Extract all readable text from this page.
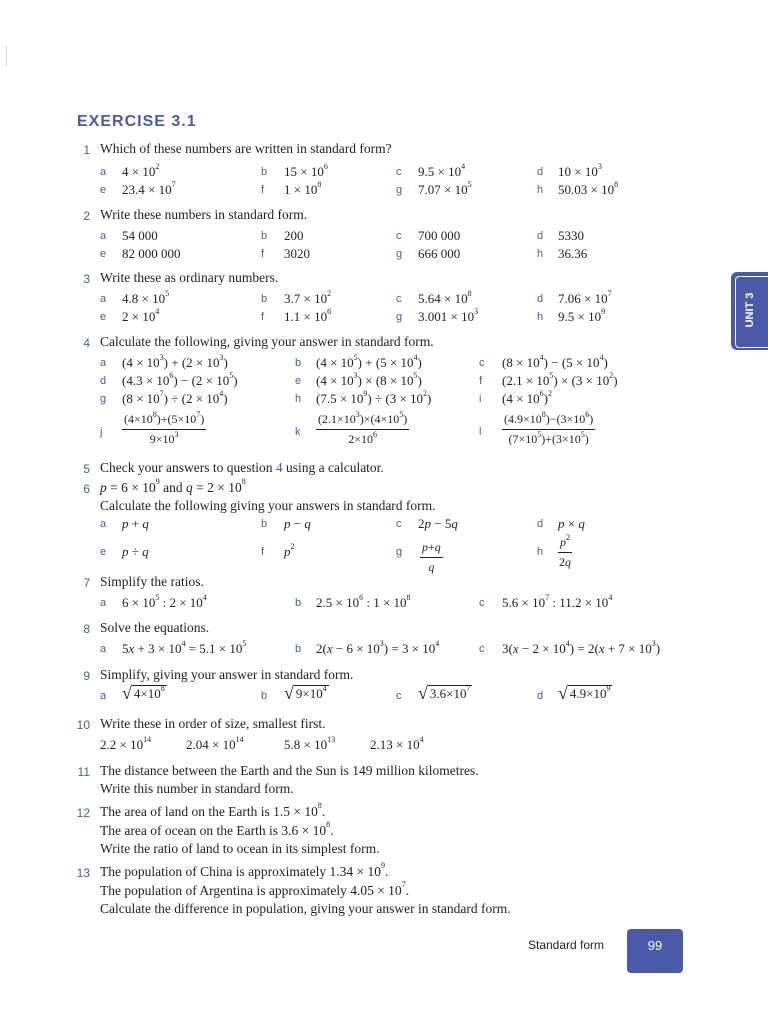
EXERCISE 3.1
1 Which of these numbers are written in standard form?
a $4 \times 10^2$	b $15 \times 10^6$	c $9.5 \times 10^4$	d $10 \times 10^3$
e $23.4 \times 10^7$	f $1 \times 10^8$	g $7.07 \times 10^5$	h $50.03 \times 10^8$
2 Write these numbers in standard form.
a 54 000	b 200	c 700 000	d 5330
e 82 000 000	f 3020	g 666 000	h 36.36
3 Write these as ordinary numbers.
a $4.8 \times 10^5$	b $3.7 \times 10^2$	c $5.64 \times 10^8$	d $7.06 \times 10^7$
e $2 \times 10^4$	f $1.1 \times 10^6$	g $3.001 \times 10^3$	h $9.5 \times 10^9$
4 Calculate the following, giving your answer in standard form.
a $(4 \times 10^3) + (2 \times 10^3)$	b $(4 \times 10^5) + (5 \times 10^4)$	c $(8 \times 10^4) - (5 \times 10^4)$
d $(4.3 \times 10^6) - (2 \times 10^5)$	e $(4 \times 10^3) \times (8 \times 10^5)$	f $(2.1 \times 10^5) \times (3 \times 10^2)$
g $(8 \times 10^7) \div (2 \times 10^4)$	h $(7.5 \times 10^9) \div (3 \times 10^2)$	i $(4 \times 10^6)^2$
j $\frac{(4\times 10^8)+(5\times 10^7)}{9\times 10^3}$	k $\frac{(2.1\times 10^3)\times(4\times 10^5)}{2\times 10^6}$	l $\frac{(4.9\times 10^8)-(3\times 10^6)}{(7\times 10^5)+(3\times 10^5)}$
5 Check your answers to question 4 using a calculator.
6 $p = 6 \times 10^9$ and $q = 2 \times 10^8$
Calculate the following giving your answers in standard form.
a p + q	b p − q	c 2p − 5q	d p × q
e p ÷ q	f $p^2$	g $\frac{p+q}{q}$	h $\frac{p^2}{2q}$
7 Simplify the ratios.
a $6 \times 10^5$ : $2 \times 10^4$	b $2.5 \times 10^6$ : $1 \times 10^8$	c $5.6 \times 10^7$ : $11.2 \times 10^4$
8 Solve the equations.
a $5x + 3 \times 10^4 = 5.1 \times 10^5$	b $2(x - 6 \times 10^3) = 3 \times 10^4$	c $3(x - 2 \times 10^4) = 2(x + 7 \times 10^3)$
9 Simplify, giving your answer in standard form.
a √ $4\times 10^8$
b √ $9\times 10^4$
c √ $3.6\times 10^7$
d √ $4.9\times 10^9$
10 Write these in order of size, smallest first.
$2.2 \times 10^{14}$	$2.04 \times 10^{14}$	$5.8 \times 10^{13}$	$2.13 \times 10^4$
11 The distance between the Earth and the Sun is 149 million kilometres.
Write this number in standard form.
12 The area of land on the Earth is $1.5 \times 10^8$.
The area of ocean on the Earth is $3.6 \times 10^8$.
Write the ratio of land to ocean in its simplest form.
13 The population of China is approximately $1.34 \times 10^9$.
The population of Argentina is approximately $4.05 \times 10^7$.
Calculate the difference in population, giving your answer in standard form.
UNIT 3
Standard form	99
